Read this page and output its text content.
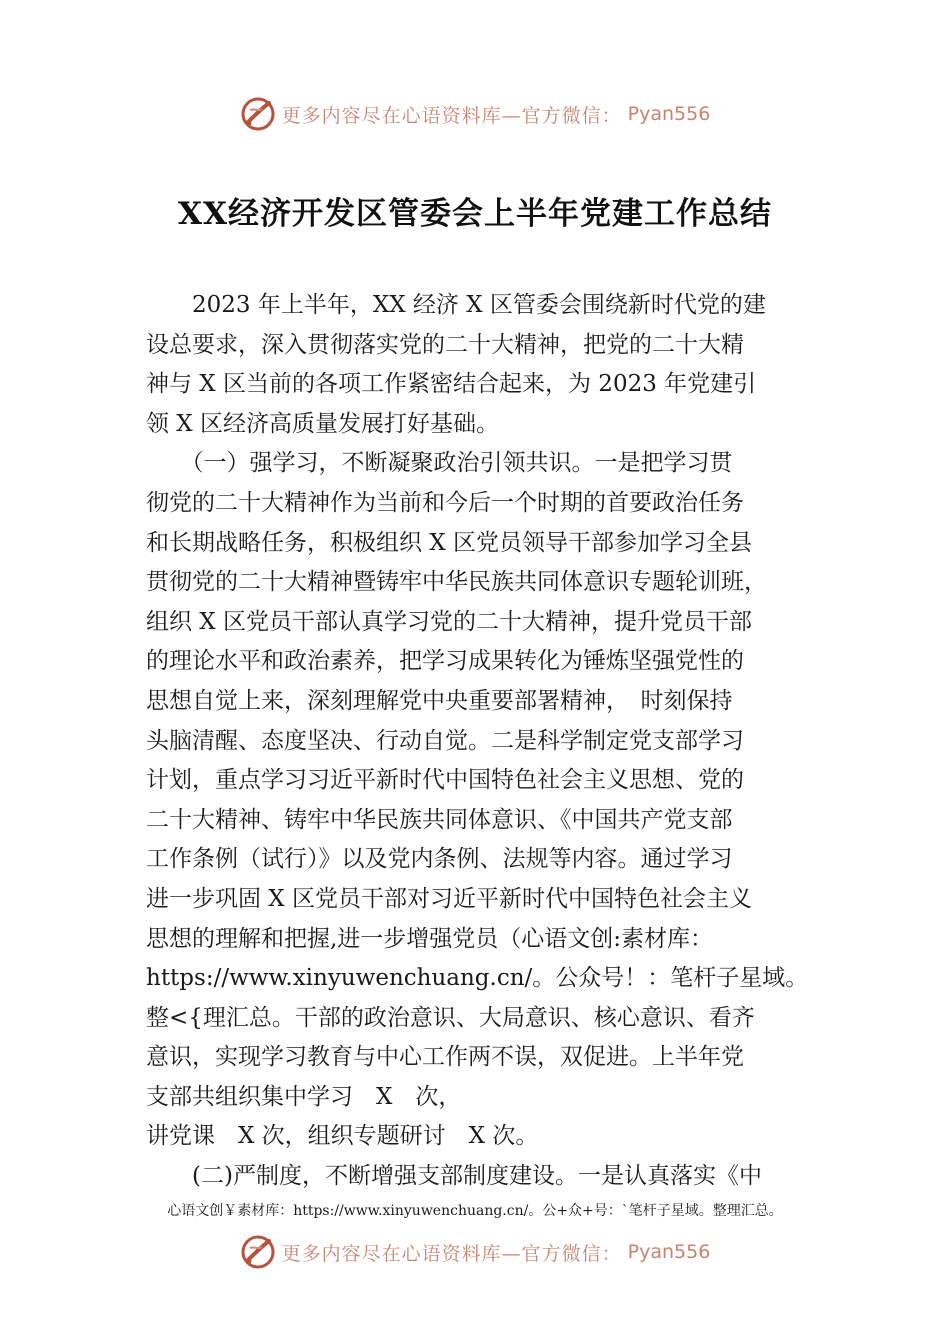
更多内容尽在心语资料库—官方微信： Pyan556
XX经济开发区管委会上半年党建工作总结
　　2023 年上半年，XX 经济 X 区管委会围绕新时代党的建
设总要求，深入贯彻落实党的二十大精神，把党的二十大精
神与 X 区当前的各项工作紧密结合起来，为 2023 年党建引
领 X 区经济高质量发展打好基础。
　　（一）强学习，不断凝聚政治引领共识。一是把学习贯
彻党的二十大精神作为当前和今后一个时期的首要政治任务
和长期战略任务，积极组织 X 区党员领导干部参加学习全县
贯彻党的二十大精神暨铸牢中华民族共同体意识专题轮训班，
组织 X 区党员干部认真学习党的二十大精神，提升党员干部
的理论水平和政治素养，把学习成果转化为锤炼坚强党性的
思想自觉上来，深刻理解党中央重要部署精神，　时刻保持
头脑清醒、态度坚决、行动自觉。二是科学制定党支部学习
计划，重点学习习近平新时代中国特色社会主义思想、党的
二十大精神、铸牢中华民族共同体意识、《中国共产党支部
工作条例（试行）》以及党内条例、法规等内容。通过学习
进一步巩固 X 区党员干部对习近平新时代中国特色社会主义
思想的理解和把握,进一步增强党员（心语文创:素材库：
https://www.xinyuwenchuang.cn/。公众号！：笔杆子星域。
整<{理汇总。干部的政治意识、大局意识、核心意识、看齐
意识，实现学习教育与中心工作两不误，双促进。上半年党
支部共组织集中学习　X　次，
讲党课　X 次，组织专题研讨　X 次。
　　(二)严制度，不断增强支部制度建设。一是认真落实《中
心语文创￥素材库：https://www.xinyuwenchuang.cn/。公+众+号：`笔杆子星域。整理汇总。
更多内容尽在心语资料库—官方微信： Pyan556
